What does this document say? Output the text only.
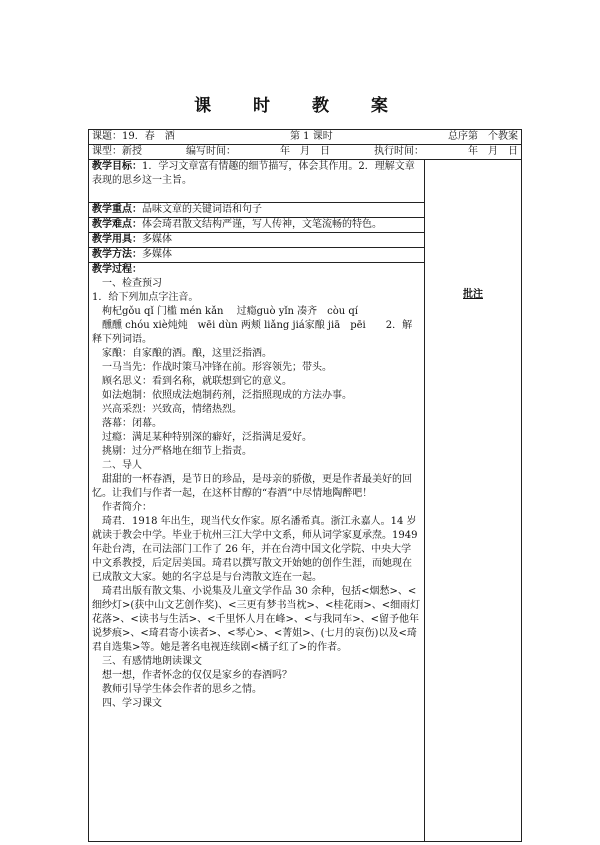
课 时 教 案
课题：19．春　酒	第 1 课时	总序第　个教案

课型：新授	编写时间：	年　月　日	执行时间：	年　月　日

教学目标：1．学习文章富有情趣的细节描写，体会其作用。2．理解文章表现的思乡这一主旨。	批注
教学重点：品味文章的关键词语和句子
教学难点：体会琦君散文结构严谨，写人传神，文笔流畅的特色。
教学用具：多媒体
教学方法：多媒体

教学过程：
一、检查预习
1．给下列加点字注音。
枸杞gǒu qǐ 门槛 mén kǎn　 过瘾guò yǐn 凑齐　còu qí
醺醺 chóu xiè炖炖　wēi dùn 两颊 liǎng jiá家酿 jiā　pēi　　2．解释下列词语。
家酿：自家酿的酒。酿，这里泛指酒。
一马当先：作战时策马冲锋在前。形容领先；带头。
顾名思义：看到名称，就联想到它的意义。
如法炮制：依照成法炮制药剂，泛指照现成的方法办事。
兴高采烈：兴致高，情绪热烈。
落幕：闭幕。
过瘾：满足某种特别深的癖好，泛指满足爱好。
挑剔：过分严格地在细节上指责。
二、导人
甜甜的一杯春酒，是节日的珍品，是母亲的骄傲，更是作者最美好的回忆。让我们与作者一起，在这杯甘醇的“春酒”中尽情地陶醉吧！
作者简介：
琦君．1918 年出生，现当代女作家。原名潘希真。浙江永嘉人。14 岁就读于教会中学。毕业于杭州三江大学中文系，师从词学家夏承焘。1949 年赴台湾，在司法部门工作了 26 年，并在台湾中国文化学院、中央大学中文系教授，后定居美国。琦君以撰写散文开始她的创作生涯，而她现在已成散文大家。她的名字总是与台湾散文连在一起。
琦君出版有散文集、小说集及儿童文学作品 30 余种，包括<烟愁>、<细纱灯>(获中山文艺创作奖)、<三更有梦书当枕>、<桂花雨>、<细雨灯花落>、<读书与生活>、<千里怀人月在峰>、<与我同车>、<留予他年说梦痕>、<琦君寄小读者>、<琴心>、<菁姐>、(七月的哀伤)以及<琦君自选集>等。她是著名电视连续剧<橘子红了>的作者。
三、有感情地朗读课文
想一想，作者怀念的仅仅是家乡的春酒吗？
教师引导学生体会作者的思乡之情。
四、学习课文
